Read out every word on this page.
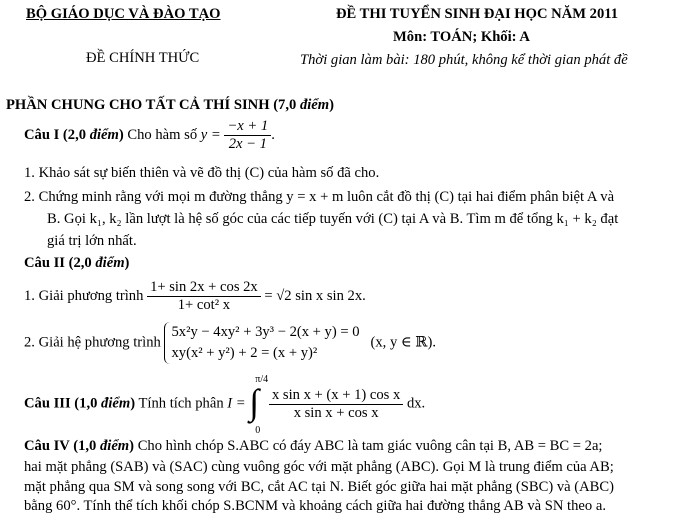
BỘ GIÁO DỤC VÀ ĐÀO TẠO
ĐỀ CHÍNH THỨC
ĐỀ THI TUYỂN SINH ĐẠI HỌC NĂM 2011
Môn: TOÁN; Khối: A
Thời gian làm bài: 180 phút, không kể thời gian phát đề
PHẦN CHUNG CHO TẤT CẢ THÍ SINH (7,0 điểm)
Câu I (2,0 điểm) Cho hàm số $y = \frac{-x + 1}{2x - 1}$ .
1. Khảo sát sự biến thiên và vẽ đồ thị (C) của hàm số đã cho.
2. Chứng minh rằng với mọi m đường thẳng y = x + m luôn cắt đồ thị (C) tại hai điểm phân biệt A và
B. Gọi k₁, k₂ lần lượt là hệ số góc của các tiếp tuyến với (C) tại A và B. Tìm m để tổng k₁ + k₂ đạt
giá trị lớn nhất.
Câu II (2,0 điểm)
1. Giải phương trình $\frac{1+ \sin 2x + \cos 2x}{\text{1+ cot² x}} = √2$ sin x sin 2x.
2. Giải hệ phương trình
5x²y − 4xy² + 3y³ − 2(x + y) = 0
xy(x² + y²) + 2 = (x + y)²
(x, y ∈ ℝ).
Câu III (1,0 điểm) Tính tích phân I =
π/4
∫
0

$\frac{\text{x sin x + (x + 1) cos x}}{\text{x sin x + cos x}}$ dx.
Câu IV (1,0 điểm) Cho hình chóp S.ABC có đáy ABC là tam giác vuông cân tại B, AB = BC = 2a;
hai mặt phẳng (SAB) và (SAC) cùng vuông góc với mặt phẳng (ABC). Gọi M là trung điểm của AB;
mặt phẳng qua SM và song song với BC, cắt AC tại N. Biết góc giữa hai mặt phẳng (SBC) và (ABC)
bằng 60°. Tính thể tích khối chóp S.BCNM và khoảng cách giữa hai đường thẳng AB và SN theo a.
